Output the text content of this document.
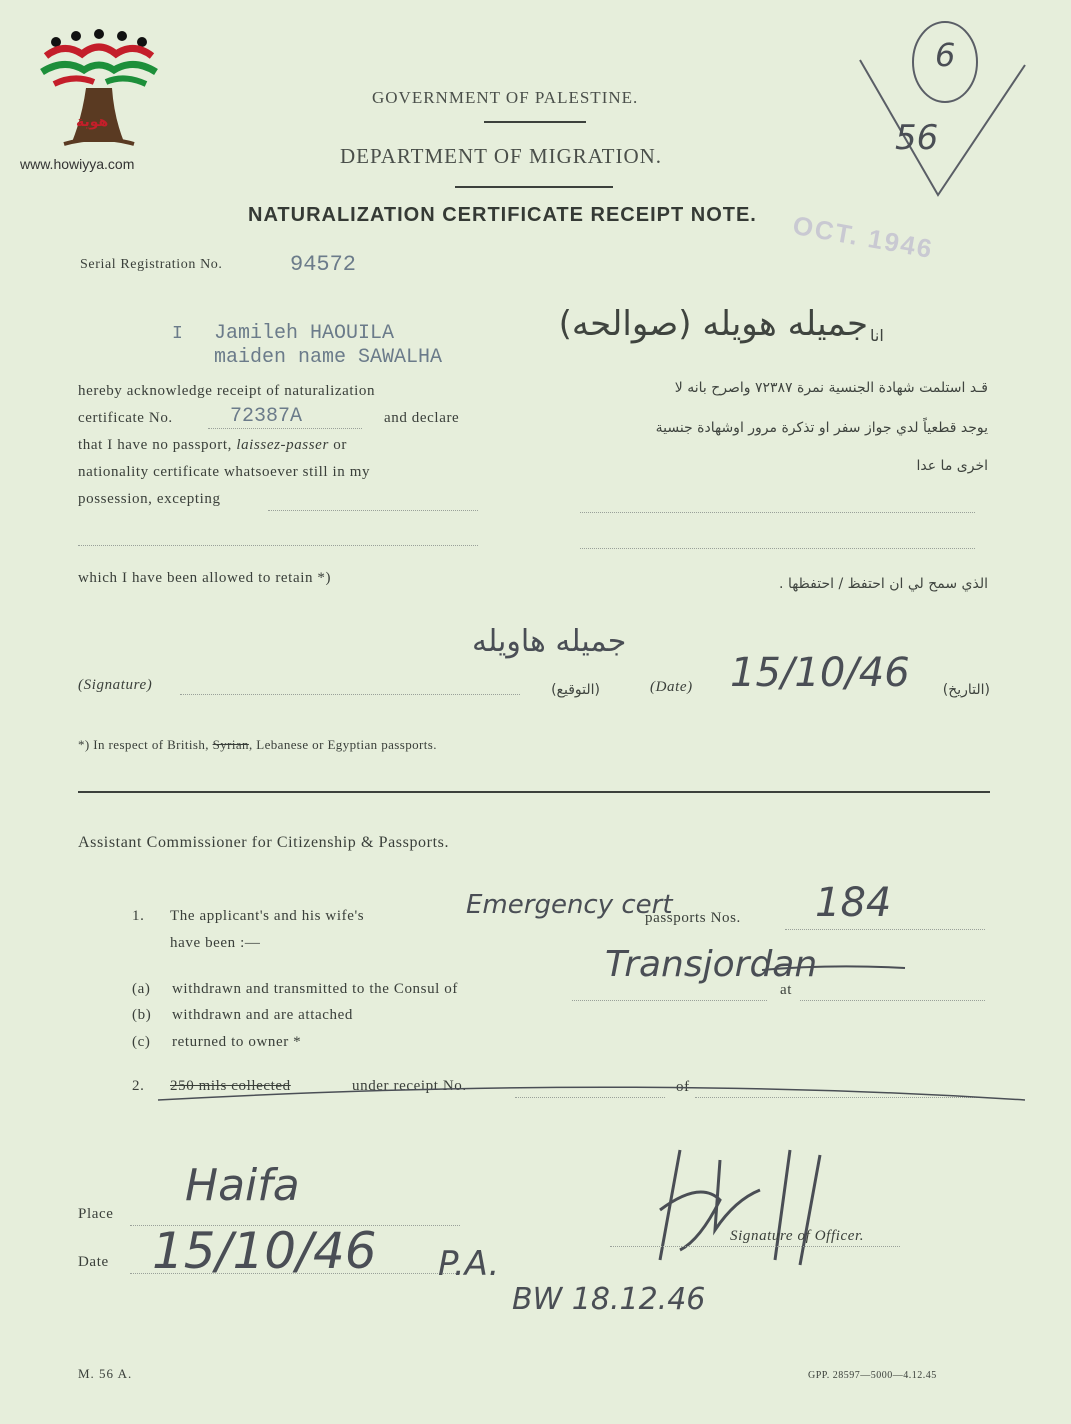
هوية
www.howiyya.com
GOVERNMENT OF PALESTINE.
DEPARTMENT OF MIGRATION.
NATURALIZATION CERTIFICATE RECEIPT NOTE. OCT. 1946
6
56
Serial Registration No.	94572
I Jamileh HAOUILA
maiden name SAWALHA
جميله هويله (صوالحه) انا
hereby acknowledge receipt of naturalization
certificate No.	72387A	and declare
that I have no passport, laissez-passer or
nationality certificate whatsoever still in my
possession, excepting
قـد استلمت شهادة الجنسية نمرة ٧٢٣٨٧ واصرح بانه لا
يوجد قطعياً لدي جواز سفر او تذكرة مرور اوشهادة جنسية
اخرى ما عدا
which I have been allowed to retain *)	الذي سمح لي ان احتفظ / احتفظها .
جميله هاويله
(Signature)	(التوقيع)	(Date) 15/10/46	(التاريخ)
*) In respect of British, Syrian, Lebanese or Egyptian passports.
Assistant Commissioner for Citizenship & Passports.
1. The applicant's and his wife's	Emergency cert
passports Nos. 184
have been :—
Transjordan
(a) withdrawn and transmitted to the Consul of	at
(b) withdrawn and are attached
(c) returned to owner *
2. 250 mils collected	under receipt No.	of
Place
Haifa
Date 15/10/46 P.A.
BW 18.12.46
Signature of Officer.
M. 56 A.	GPP. 28597—5000—4.12.45
